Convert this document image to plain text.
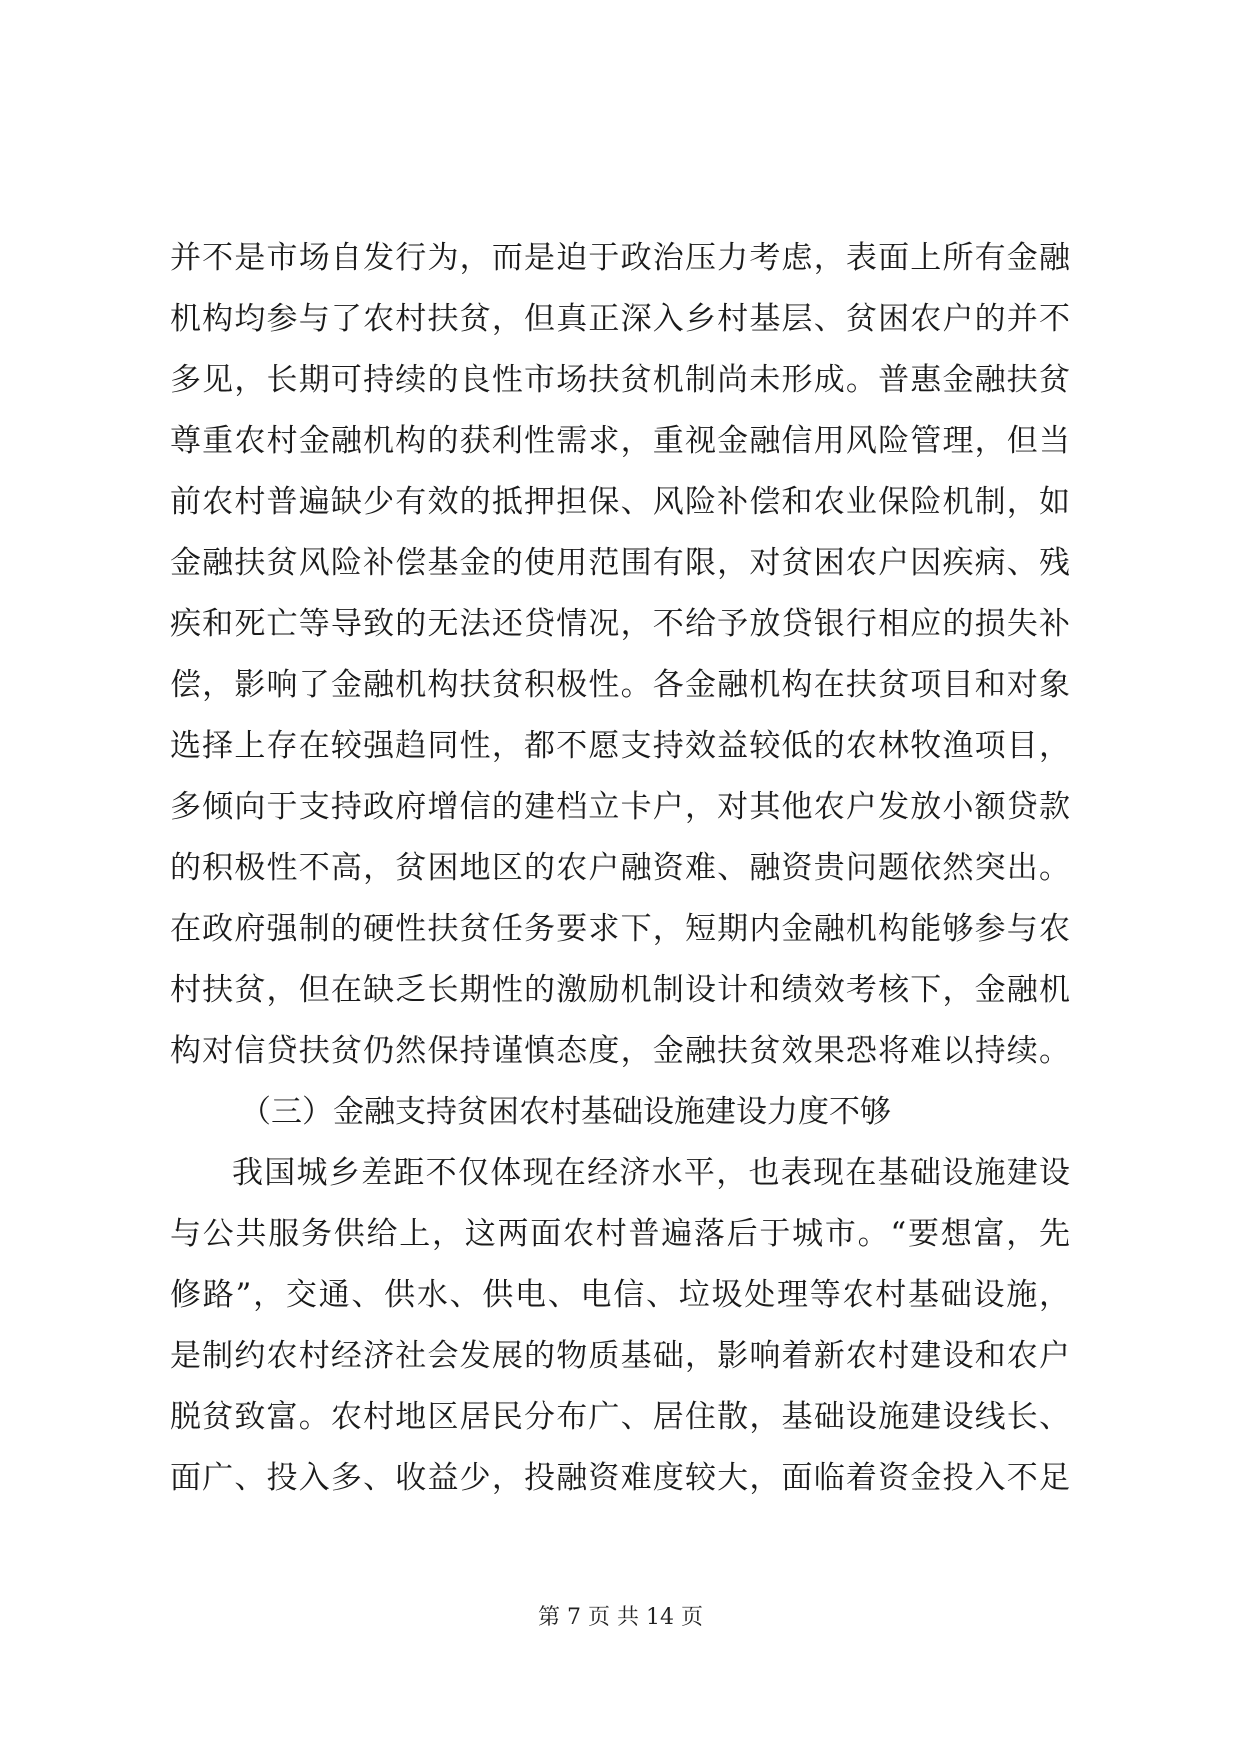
并不是市场自发行为，而是迫于政治压力考虑，表面上所有金融
机构均参与了农村扶贫，但真正深入乡村基层、贫困农户的并不
多见，长期可持续的良性市场扶贫机制尚未形成。普惠金融扶贫
尊重农村金融机构的获利性需求，重视金融信用风险管理，但当
前农村普遍缺少有效的抵押担保、风险补偿和农业保险机制，如
金融扶贫风险补偿基金的使用范围有限，对贫困农户因疾病、残
疾和死亡等导致的无法还贷情况，不给予放贷银行相应的损失补
偿，影响了金融机构扶贫积极性。各金融机构在扶贫项目和对象
选择上存在较强趋同性，都不愿支持效益较低的农林牧渔项目，
多倾向于支持政府增信的建档立卡户，对其他农户发放小额贷款
的积极性不高，贫困地区的农户融资难、融资贵问题依然突出。
在政府强制的硬性扶贫任务要求下，短期内金融机构能够参与农
村扶贫，但在缺乏长期性的激励机制设计和绩效考核下，金融机
构对信贷扶贫仍然保持谨慎态度，金融扶贫效果恐将难以持续。
（三）金融支持贫困农村基础设施建设力度不够
我国城乡差距不仅体现在经济水平，也表现在基础设施建设
与公共服务供给上，这两面农村普遍落后于城市。“要想富，先
修路”，交通、供水、供电、电信、垃圾处理等农村基础设施，
是制约农村经济社会发展的物质基础，影响着新农村建设和农户
脱贫致富。农村地区居民分布广、居住散，基础设施建设线长、
面广、投入多、收益少，投融资难度较大，面临着资金投入不足
第 7 页 共 14 页
